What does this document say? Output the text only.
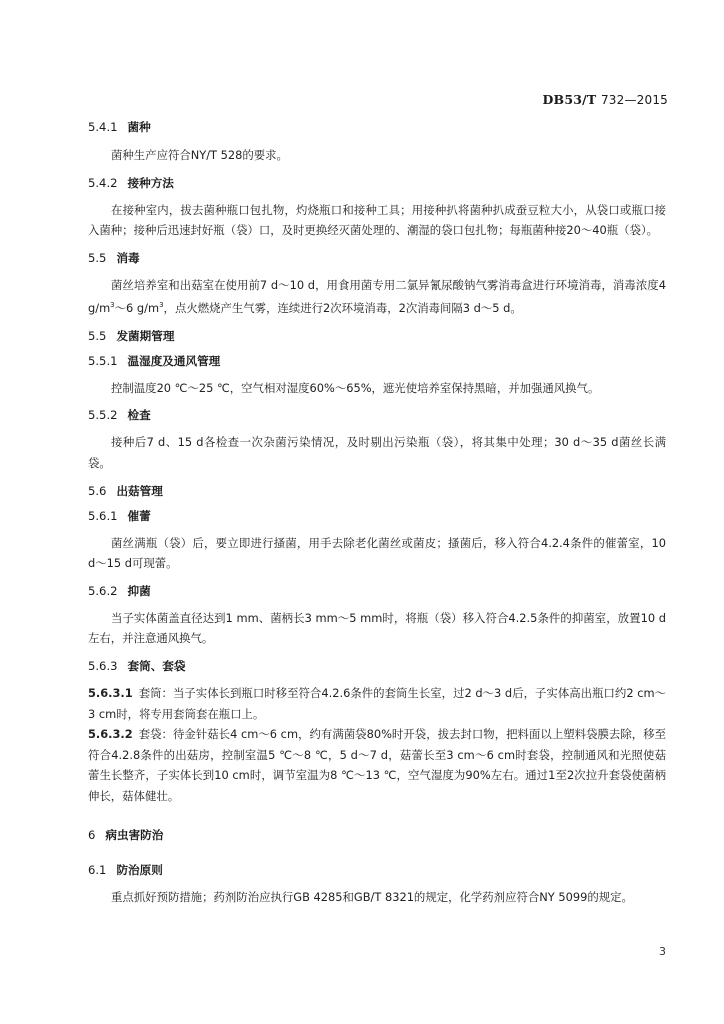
DB53/T 732—2015

5.4.1 菌种

菌种生产应符合NY/T 528的要求。

5.4.2 接种方法

在接种室内，拔去菌种瓶口包扎物，灼烧瓶口和接种工具；用接种扒将菌种扒成蚕豆粒大小，从袋口或瓶口接入菌种；接种后迅速封好瓶（袋）口，及时更换经灭菌处理的、潮湿的袋口包扎物；每瓶菌种接20～40瓶（袋）。

5.5 消毒

菌丝培养室和出菇室在使用前7 d～10 d，用食用菌专用二氯异氰尿酸钠气雾消毒盒进行环境消毒，消毒浓度4 $g/m^3\sim 6$ $g/m^3$，点火燃烧产生气雾，连续进行2次环境消毒，2次消毒间隔3 d～5 d。

5.5 发菌期管理

5.5.1 温湿度及通风管理

控制温度20 ℃～25 ℃，空气相对湿度60%～65%，遮光使培养室保持黑暗，并加强通风换气。

5.5.2 检查

接种后7 d、15 d各检查一次杂菌污染情况，及时剔出污染瓶（袋），将其集中处理；30 d～35 d菌丝长满袋。

5.6 出菇管理

5.6.1 催蕾

菌丝满瓶（袋）后，要立即进行搔菌，用手去除老化菌丝或菌皮；搔菌后，移入符合4.2.4条件的催蕾室，10 d～15 d可现蕾。

5.6.2 抑菌

当子实体菌盖直径达到1 mm、菌柄长3 mm～5 mm时，将瓶（袋）移入符合4.2.5条件的抑菌室，放置10 d左右，并注意通风换气。

5.6.3 套筒、套袋

5.6.3.1 套筒：当子实体长到瓶口时移至符合4.2.6条件的套筒生长室，过2 d～3 d后，子实体高出瓶口约2 cm～3 cm时，将专用套筒套在瓶口上。

5.6.3.2 套袋：待金针菇长4 cm～6 cm，约有满菌袋80%时开袋，拔去封口物，把料面以上塑料袋膜去除，移至符合4.2.8条件的出菇房，控制室温5 ℃～8 ℃，5 d～7 d，菇蕾长至3 cm～6 cm时套袋，控制通风和光照使菇蕾生长整齐，子实体长到10 cm时，调节室温为8 ℃～13 ℃，空气湿度为90%左右。通过1至2次拉升套袋使菌柄伸长，菇体健壮。

6 病虫害防治

6.1 防治原则

重点抓好预防措施；药剂防治应执行GB 4285和GB/T 8321的规定，化学药剂应符合NY 5099的规定。

3
